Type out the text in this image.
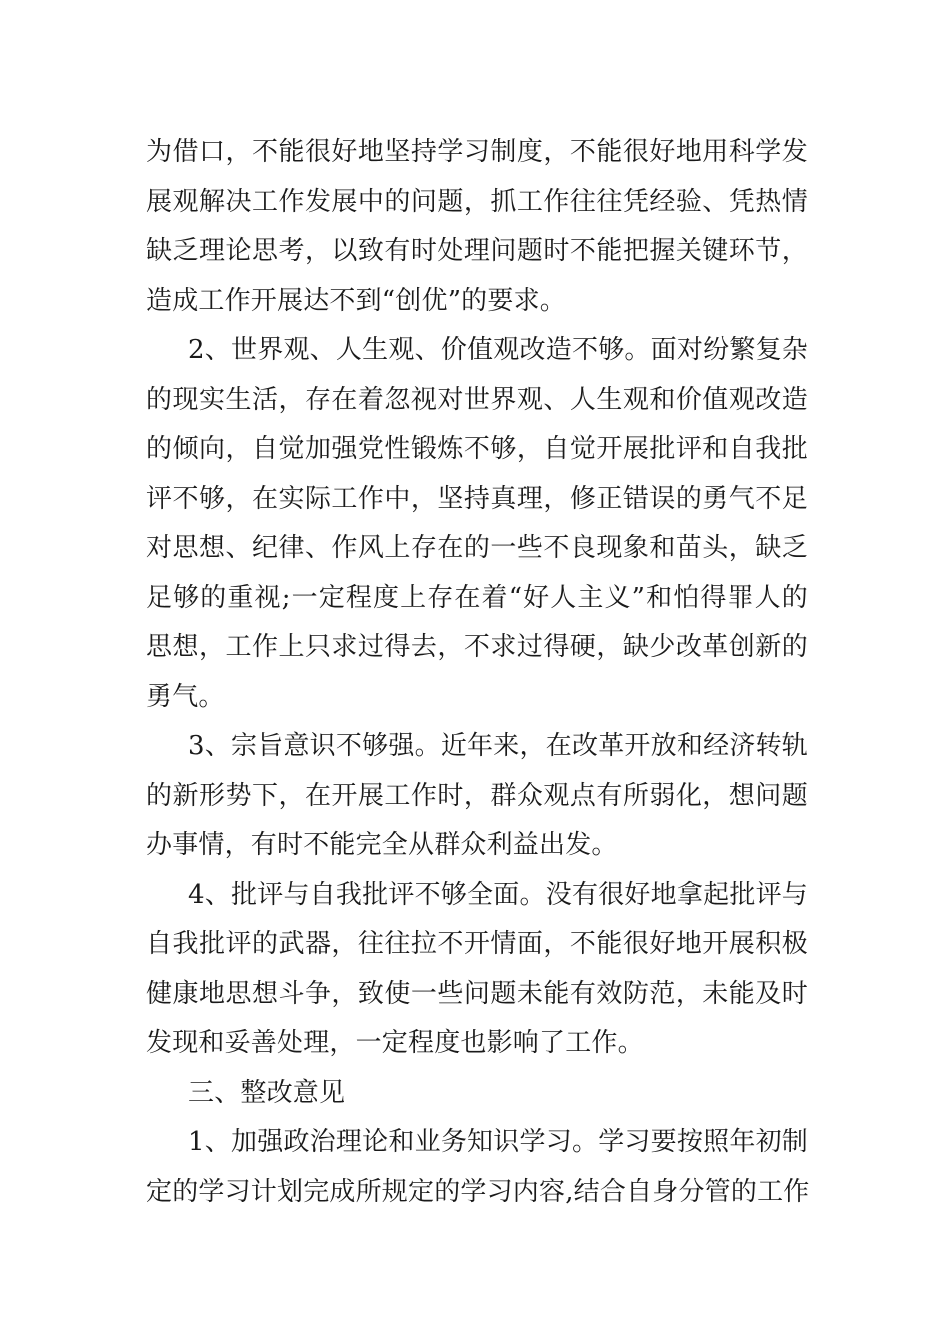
为借口，不能很好地坚持学习制度，不能很好地用科学发
展观解决工作发展中的问题，抓工作往往凭经验、凭热情
缺乏理论思考，以致有时处理问题时不能把握关键环节，
造成工作开展达不到“创优”的要求。
2、世界观、人生观、价值观改造不够。面对纷繁复杂
的现实生活，存在着忽视对世界观、人生观和价值观改造
的倾向，自觉加强党性锻炼不够，自觉开展批评和自我批
评不够，在实际工作中，坚持真理，修正错误的勇气不足
对思想、纪律、作风上存在的一些不良现象和苗头，缺乏
足够的重视;一定程度上存在着“好人主义”和怕得罪人的
思想，工作上只求过得去，不求过得硬，缺少改革创新的
勇气。
3、宗旨意识不够强。近年来，在改革开放和经济转轨
的新形势下，在开展工作时，群众观点有所弱化，想问题
办事情，有时不能完全从群众利益出发。
4、批评与自我批评不够全面。没有很好地拿起批评与
自我批评的武器，往往拉不开情面，不能很好地开展积极
健康地思想斗争，致使一些问题未能有效防范，未能及时
发现和妥善处理，一定程度也影响了工作。
三、整改意见
1、加强政治理论和业务知识学习。学习要按照年初制
定的学习计划完成所规定的学习内容,结合自身分管的工作
